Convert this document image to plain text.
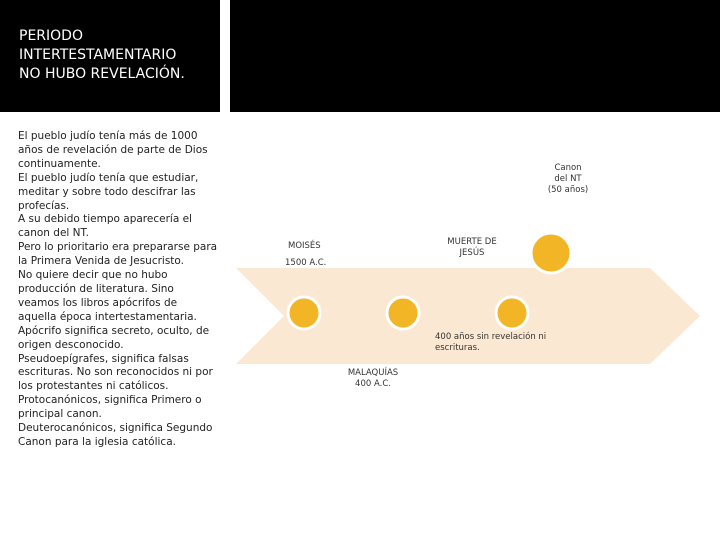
PERIODO
INTERTESTAMENTARIO
NO HUBO REVELACIÓN.
El pueblo judío tenía más de 1000 años de revelación de parte de Dios continuamente.
El pueblo judío tenía que estudiar, meditar y sobre todo descifrar las profecías.
A su debido tiempo aparecería el canon del NT.
Pero lo prioritario era prepararse para la Primera Venida de Jesucristo.
No quiere decir que no hubo producción de literatura. Sino veamos los libros apócrifos de aquella época intertestamentaria.
Apócrifo significa secreto, oculto, de origen desconocido.
Pseudoepígrafes, significa falsas escrituras. No son reconocidos ni por los protestantes ni católicos.
Protocanónicos, significa Primero o principal canon.
Deuterocanónicos, significa Segundo Canon para la iglesia católica.
MOISÉS
1500 A.C.
MALAQUÍAS
400 A.C.
MUERTE DE
JESÚS
Canon
del NT
(50 años)
400 años sin revelación ni
escrituras.
